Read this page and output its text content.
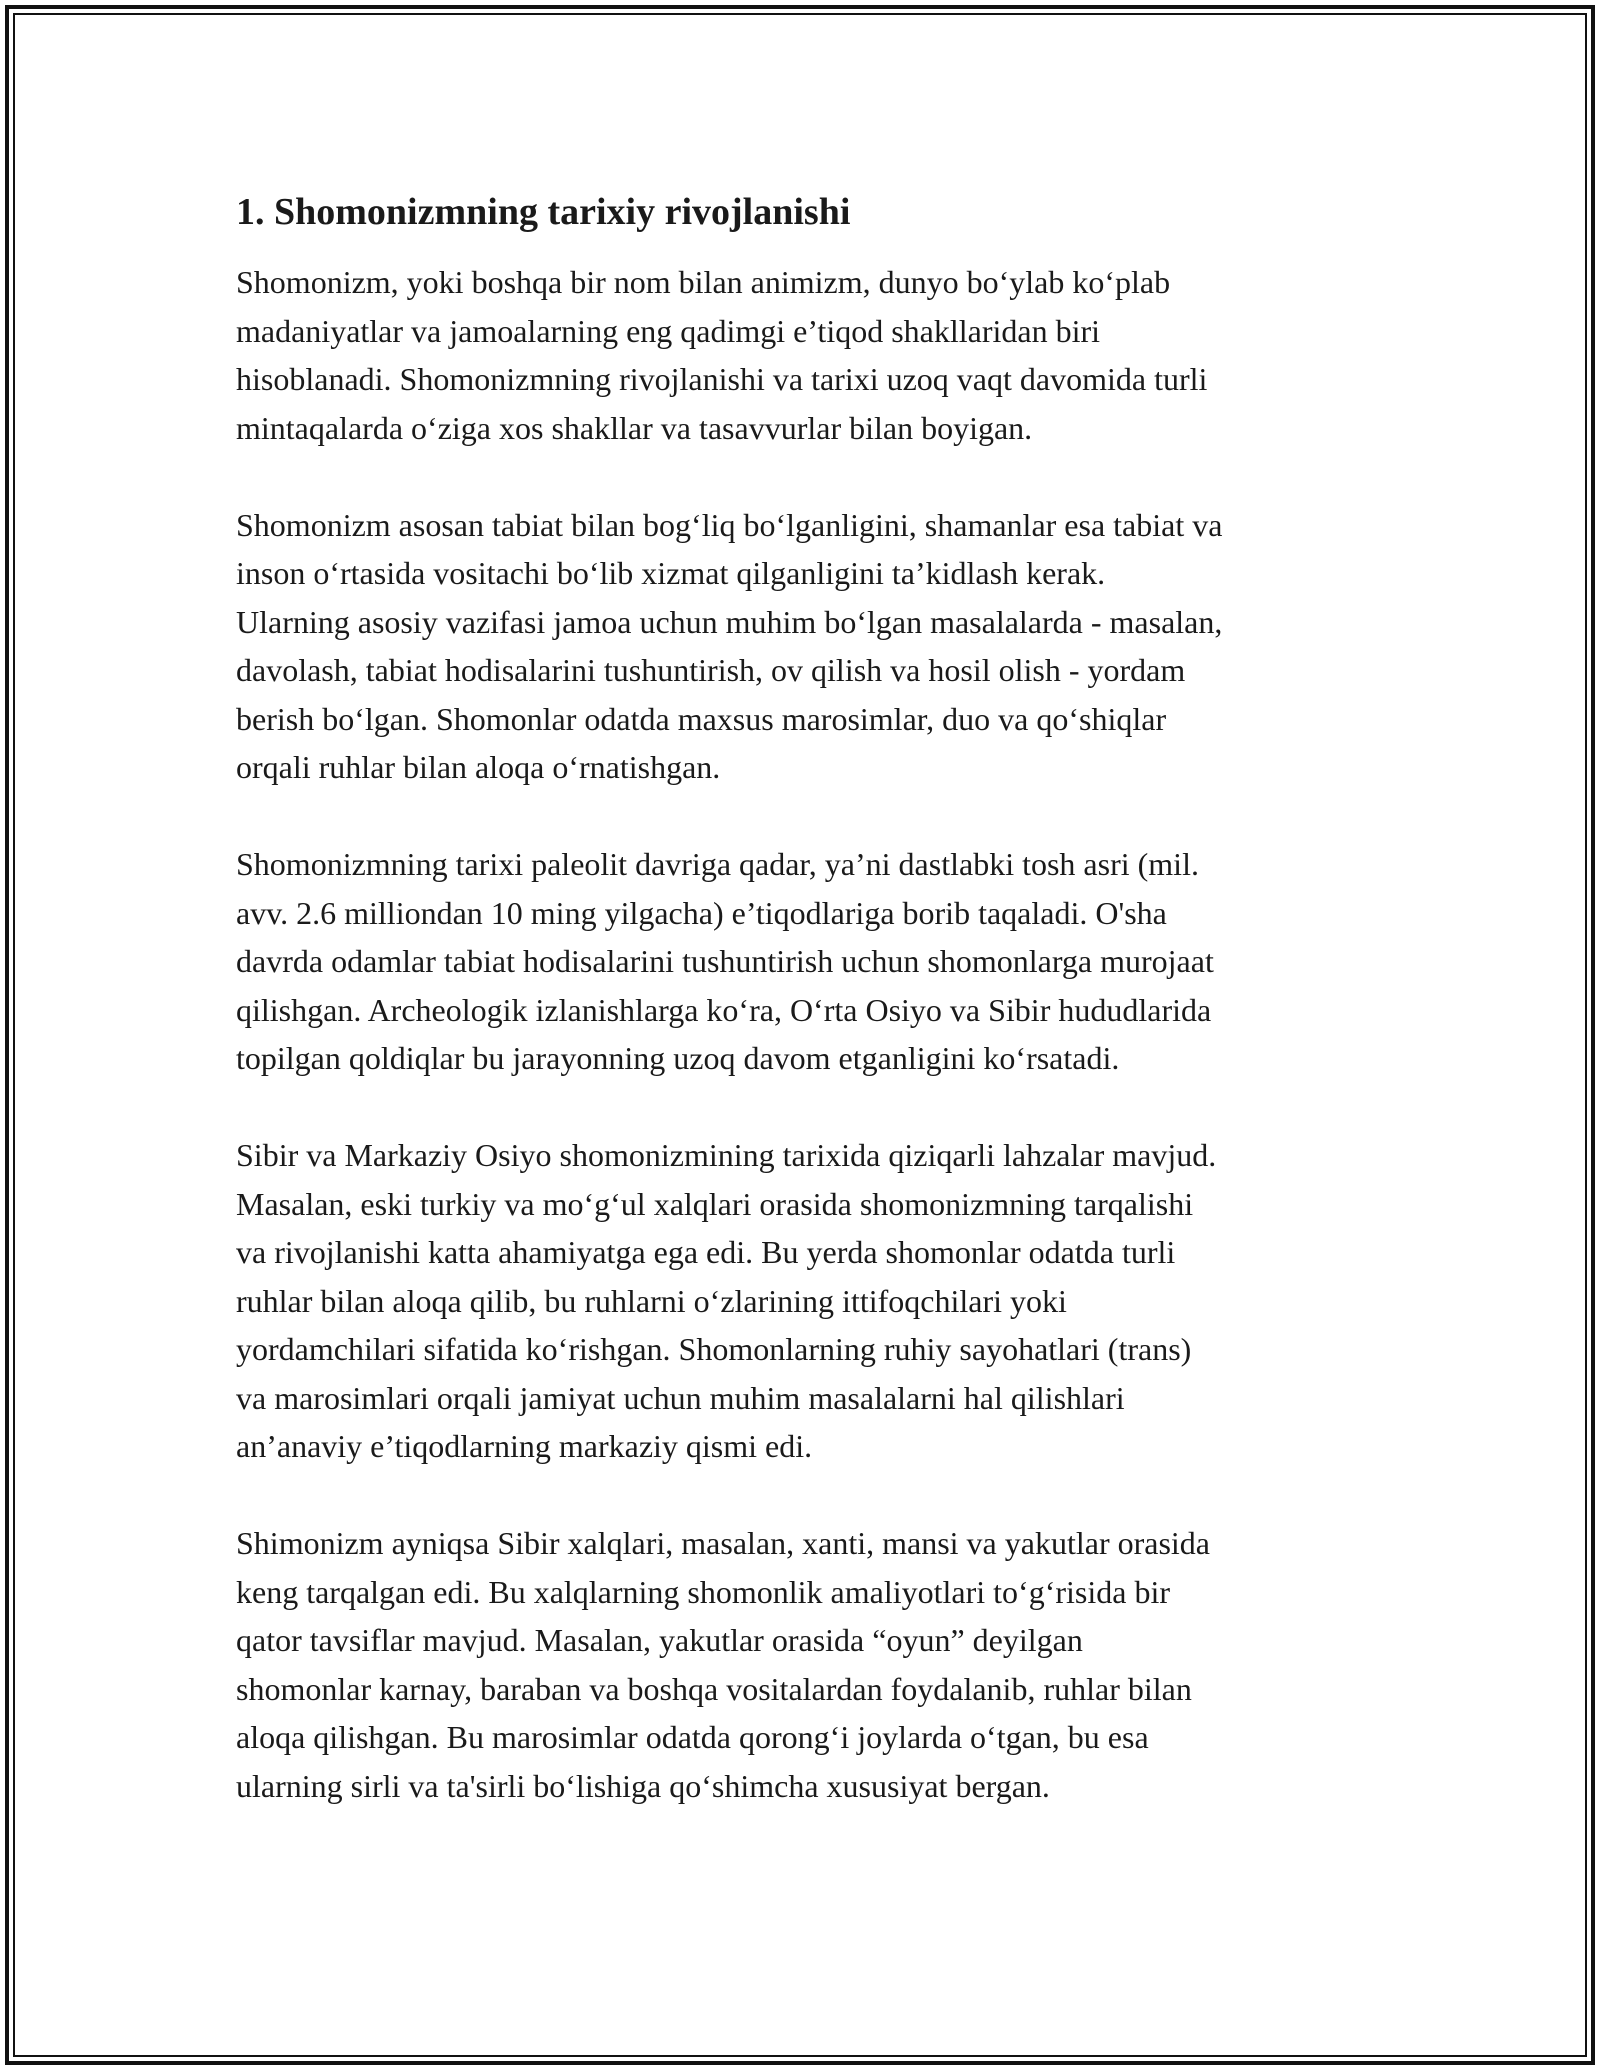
1. Shomonizmning tarixiy rivojlanishi
Shomonizm, yoki boshqa bir nom bilan animizm, dunyo bo‘ylab ko‘plab
madaniyatlar va jamoalarning eng qadimgi e’tiqod shakllaridan biri
hisoblanadi. Shomonizmning rivojlanishi va tarixi uzoq vaqt davomida turli
mintaqalarda o‘ziga xos shakllar va tasavvurlar bilan boyigan.
Shomonizm asosan tabiat bilan bog‘liq bo‘lganligini, shamanlar esa tabiat va
inson o‘rtasida vositachi bo‘lib xizmat qilganligini ta’kidlash kerak.
Ularning asosiy vazifasi jamoa uchun muhim bo‘lgan masalalarda - masalan,
davolash, tabiat hodisalarini tushuntirish, ov qilish va hosil olish - yordam
berish bo‘lgan. Shomonlar odatda maxsus marosimlar, duo va qo‘shiqlar
orqali ruhlar bilan aloqa o‘rnatishgan.
Shomonizmning tarixi paleolit davriga qadar, ya’ni dastlabki tosh asri (mil.
avv. 2.6 milliondan 10 ming yilgacha) e’tiqodlariga borib taqaladi. O'sha
davrda odamlar tabiat hodisalarini tushuntirish uchun shomonlarga murojaat
qilishgan. Archeologik izlanishlarga ko‘ra, O‘rta Osiyo va Sibir hududlarida
topilgan qoldiqlar bu jarayonning uzoq davom etganligini ko‘rsatadi.
Sibir va Markaziy Osiyo shomonizmining tarixida qiziqarli lahzalar mavjud.
Masalan, eski turkiy va mo‘g‘ul xalqlari orasida shomonizmning tarqalishi
va rivojlanishi katta ahamiyatga ega edi. Bu yerda shomonlar odatda turli
ruhlar bilan aloqa qilib, bu ruhlarni o‘zlarining ittifoqchilari yoki
yordamchilari sifatida ko‘rishgan. Shomonlarning ruhiy sayohatlari (trans)
va marosimlari orqali jamiyat uchun muhim masalalarni hal qilishlari
an’anaviy e’tiqodlarning markaziy qismi edi.
Shimonizm ayniqsa Sibir xalqlari, masalan, xanti, mansi va yakutlar orasida
keng tarqalgan edi. Bu xalqlarning shomonlik amaliyotlari to‘g‘risida bir
qator tavsiflar mavjud. Masalan, yakutlar orasida “oyun” deyilgan
shomonlar karnay, baraban va boshqa vositalardan foydalanib, ruhlar bilan
aloqa qilishgan. Bu marosimlar odatda qorong‘i joylarda o‘tgan, bu esa
ularning sirli va ta'sirli bo‘lishiga qo‘shimcha xususiyat bergan.
